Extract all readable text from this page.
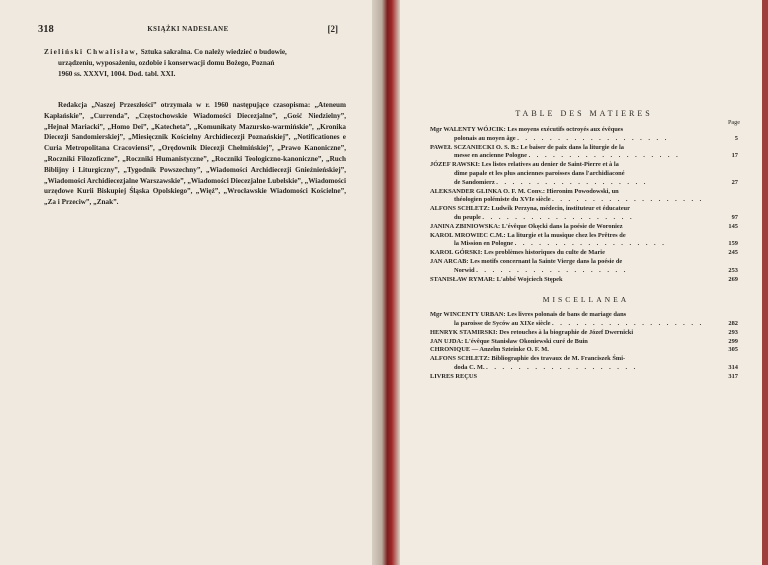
318	KSIĄŻKI NADESŁANE	[2]
Zieliński Chwalisław, Sztuka sakralna. Co należy wiedzieć o budowie,
urządzeniu, wyposażeniu, ozdobie i konserwacji domu Bożego, Poznań
1960 ss. XXXVI, 1004. Dod. tabl. XXI.
Redakcja „Naszej Przeszłości” otrzymała w r. 1960 następujące czasopisma: „Ateneum Kapłańskie”, „Currenda”, „Częstochowskie Wiadomości Diecezjalne”, „Gość Niedzielny”, „Hejnał Mariacki”, „Homo Dei”, „Katecheta”, „Komunikaty Mazursko-warmińskie”, „Kronika Diecezji Sandomierskiej”, „Miesięcznik Kościelny Archidiecezji Poznańskiej”, „Notificationes e Curia Metropolitana Cracoviensi”, „Orędownik Diecezji Chełmińskiej”, „Prawo Kanoniczne”, „Roczniki Filozoficzne”, „Roczniki Humanistyczne”, „Roczniki Teologiczno-kanoniczne”, „Ruch Biblijny i Liturgiczny”, „Tygodnik Powszechny”, „Wiadomości Archidiecezji Gnieźnieńskiej”, „Wiadomości Archidiecezjalne Warszawskie”, „Wiadomości Diecezjalne Lubelskie”, „Wiadomości urzędowe Kurii Biskupiej Śląska Opolskiego”, „Więź”, „Wrocławskie Wiadomości Kościelne”, „Za i Przeciw”, „Znak”.
TABLE DES MATIERES
Page
Mgr WALENTY WÓJCIK: Les moyens exécutifs octroyés aux évêques
polonais au moyen âge . . . . . . . . . . . . . . . . . . .	5
PAWEŁ SCZANIECKI O. S. B.: Le baiser de paix dans la liturgie de la
messe en ancienne Pologne . . . . . . . . . . . . . . . . . . .	17
JÓZEF RAWSKI: Les listes relatives au denier de Saint-Pierre et à la
dîme papale et les plus anciennes paroisses dans l'archidiaconé
de Sandomierz . . . . . . . . . . . . . . . . . . .	27
ALEKSANDER GLINKA O. F. M. Conv.: Hieronim Powodowski, un
théologien polémiste du XVIe siècle . . . . . . . . . . . . . . . . . . .
ALFONS SCHLETZ: Ludwik Perzyna, médecin, instituteur et éducateur
du peuple . . . . . . . . . . . . . . . . . . .	97
JANINA ZBINIOWSKA: L'évêque Okęcki dans la poésie de Woroniez	145
KAROL MROWIEC C.M.: La liturgie et la musique chez les Prêtres de
la Mission en Pologne . . . . . . . . . . . . . . . . . . .	159
KAROL GÓRSKI: Les problèmes historiques du culte de Marie	245
JAN ARCAB: Les motifs concernant la Sainte Vierge dans la poésie de
Norwid . . . . . . . . . . . . . . . . . . .	253
STANISŁAW RYMAR: L'abbé Wojciech Stępek	269
MISCELLANEA
Mgr WINCENTY URBAN: Les livres polonais de bans de mariage dans
la paroisse de Syców au XIXe siècle . . . . . . . . . . . . . . . . . . .	282
HENRYK STAMIRSKI: Des retouches à la biographie de Józef Dwernicki	293
JAN UJDA: L'évêque Stanisław Okoniewski curé de Buin	299
CHRONIQUE — Anzelm Szteinke O. F. M.	305
ALFONS SCHLETZ: Bibliographie des travaux de M. Franciszek Śmi-
doda C. M. . . . . . . . . . . . . . . . . . . .	314
LIVRES REÇUS	317
